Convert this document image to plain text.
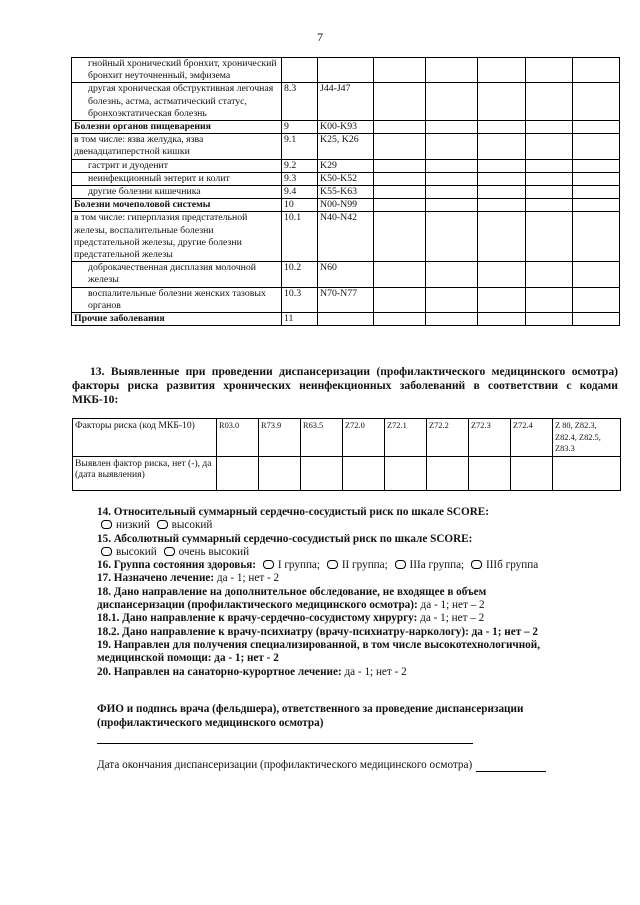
7
гнойный хронический бронхит, хронический бронхит неуточненный, эмфизема							
другая хроническая обструктивная легочная болезнь, астма, астматический статус, бронхоэктатическая болезнь	8.3	J44-J47					
Болезни органов пищеварения	9	K00-K93					
в том числе: язва желудка, язва двенадцатиперстной кишки	9.1	K25, K26					
гастрит и дуоденит	9.2	K29					
неинфекционный энтерит и колит	9.3	K50-K52					
другие болезни кишечника	9.4	K55-K63					
Болезни мочеполовой системы	10	N00-N99					
в том числе: гиперплазия предстательной железы, воспалительные болезни предстательной железы, другие болезни предстательной железы	10.1	N40-N42					
доброкачественная дисплазия молочной железы	10.2	N60					
воспалительные болезни женских тазовых органов	10.3	N70-N77					
Прочие заболевания	11						
13. Выявленные при проведении диспансеризации (профилактического медицинского осмотра) факторы риска развития хронических неинфекционных заболеваний в соответствии с кодами МКБ-10:
Факторы риска (код МКБ-10)	R03.0	R73.9	R63.5	Z72.0	Z72.1	Z72.2	Z72.3	Z72.4	Z 80, Z82.3, Z82.4, Z82.5, Z83.3
Выявлен фактор риска, нет (-), да (дата выявления)									
14. Относительный суммарный сердечно-сосудистый риск по шкале SCORE:
низкий высокий
15. Абсолютный суммарный сердечно-сосудистый риск по шкале SCORE:
высокий очень высокий
16. Группа состояния здоровья: I группа; II группа; IIIa группа; IIIб группа
17. Назначено лечение: да - 1; нет - 2
18. Дано направление на дополнительное обследование, не входящее в объем
диспансеризации (профилактического медицинского осмотра): да - 1; нет – 2
18.1. Дано направление к врачу-сердечно-сосудистому хирургу: да - 1; нет – 2
18.2. Дано направление к врачу-психиатру (врачу-психиатру-наркологу): да - 1; нет – 2
19. Направлен для получения специализированной, в том числе высокотехнологичной,
медицинской помощи: да - 1; нет - 2
20. Направлен на санаторно-курортное лечение: да - 1; нет - 2
ФИО и подпись врача (фельдшера), ответственного за проведение диспансеризации (профилактического медицинского осмотра)
Дата окончания диспансеризации (профилактического медицинского осмотра)
